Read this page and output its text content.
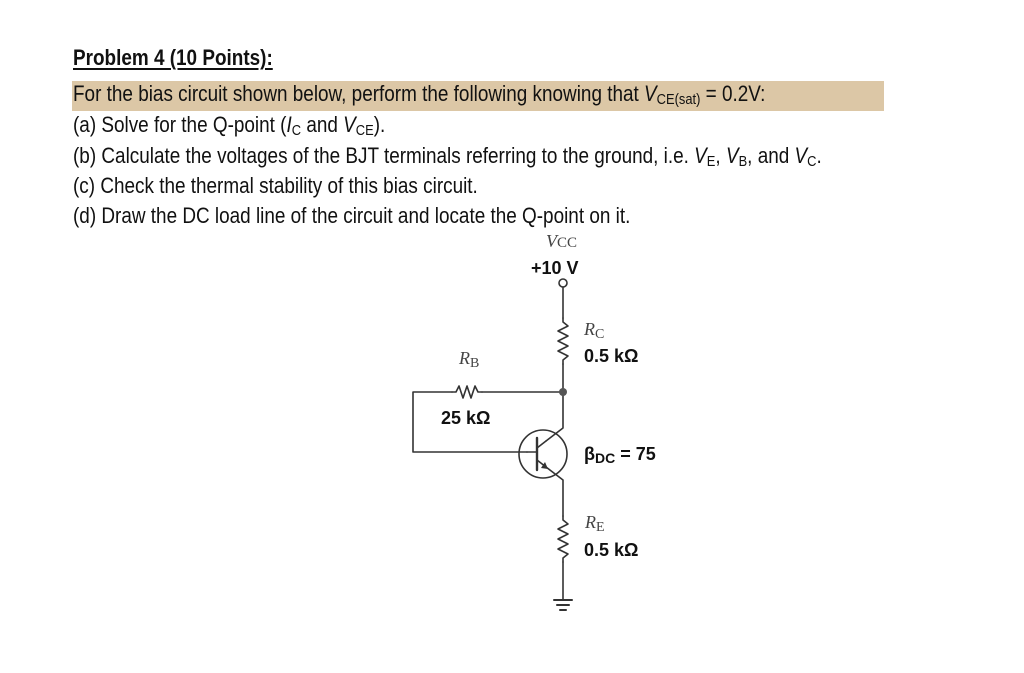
Problem 4 (10 Points):
For the bias circuit shown below, perform the following knowing that $V_{CE(sat)} = 0.2V$:
(a) Solve for the Q-point ($I_C$ and $V_{CE}$).
(b) Calculate the voltages of the BJT terminals referring to the ground, i.e. $V_E$, $V_B$, and $V_C$.
(c) Check the thermal stability of this bias circuit.
(d) Draw the DC load line of the circuit and locate the Q-point on it.
VCC
+10 V
RC
0.5 kΩ
RB
25 kΩ
βDC = 75
RE
0.5 kΩ
